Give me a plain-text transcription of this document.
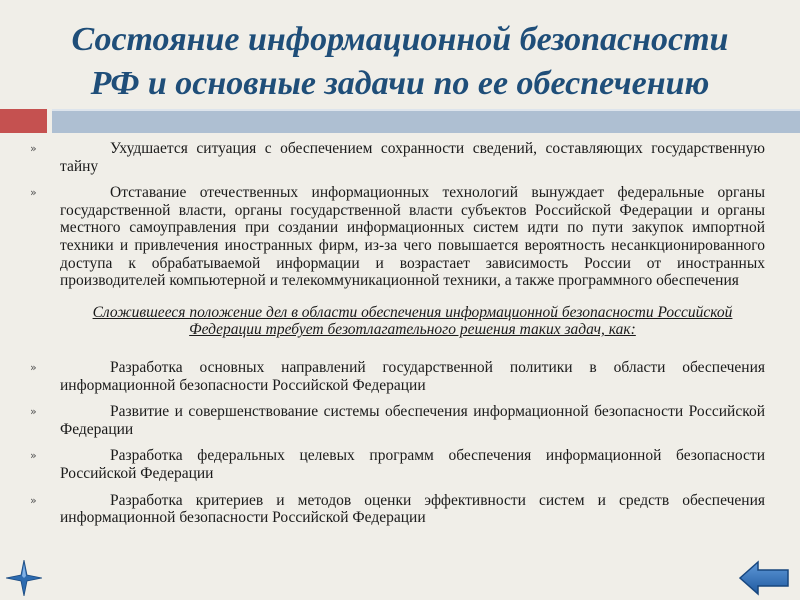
Состояние информационной безопасности
РФ и основные задачи по ее обеспечению
»	Ухудшается ситуация с обеспечением сохранности сведений, составляющих государственную тайну
»	Отставание отечественных информационных технологий вынуждает федеральные органы государственной власти, органы государственной власти субъектов Российской Федерации и органы местного самоуправления при создании информационных систем идти по пути закупок импортной техники и привлечения иностранных фирм, из-за чего повышается вероятность несанкционированного доступа к обрабатываемой информации и возрастает зависимость России от иностранных производителей компьютерной и телекоммуникационной техники, а также программного обеспечения
Сложившееся положение дел в области обеспечения информационной безопасности Российской Федерации требует безотлагательного решения таких задач, как:
»	Разработка основных направлений государственной политики в области обеспечения информационной безопасности Российской Федерации
»	Развитие и совершенствование системы обеспечения информационной безопасности Российской Федерации
»	Разработка федеральных целевых программ обеспечения информационной безопасности Российской Федерации
»	Разработка критериев и методов оценки эффективности систем и средств обеспечения информационной безопасности Российской Федерации
